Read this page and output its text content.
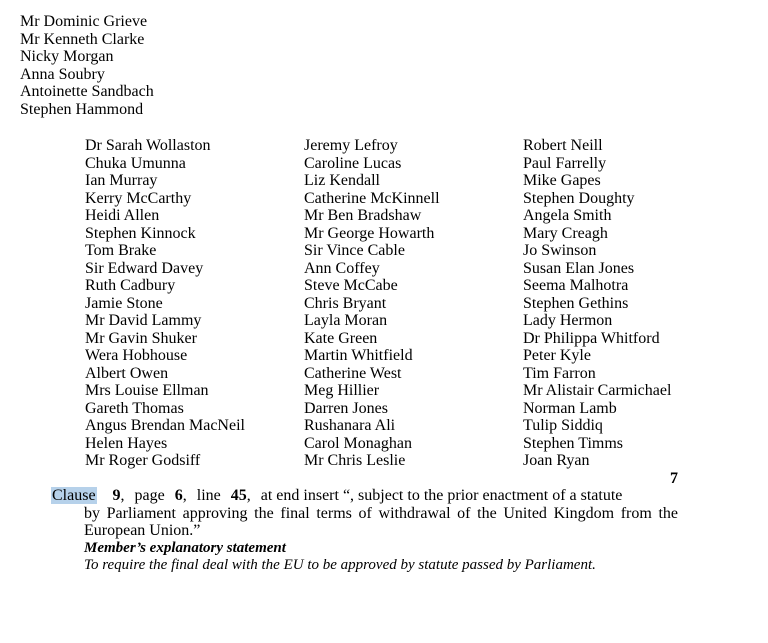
Mr Dominic Grieve
Mr Kenneth Clarke
Nicky Morgan
Anna Soubry
Antoinette Sandbach
Stephen Hammond
Dr Sarah Wollaston
Chuka Umunna
Ian Murray
Kerry McCarthy
Heidi Allen
Stephen Kinnock
Tom Brake
Sir Edward Davey
Ruth Cadbury
Jamie Stone
Mr David Lammy
Mr Gavin Shuker
Wera Hobhouse
Albert Owen
Mrs Louise Ellman
Gareth Thomas
Angus Brendan MacNeil
Helen Hayes
Mr Roger Godsiff
Jeremy Lefroy
Caroline Lucas
Liz Kendall
Catherine McKinnell
Mr Ben Bradshaw
Mr George Howarth
Sir Vince Cable
Ann Coffey
Steve McCabe
Chris Bryant
Layla Moran
Kate Green
Martin Whitfield
Catherine West
Meg Hillier
Darren Jones
Rushanara Ali
Carol Monaghan
Mr Chris Leslie
Robert Neill
Paul Farrelly
Mike Gapes
Stephen Doughty
Angela Smith
Mary Creagh
Jo Swinson
Susan Elan Jones
Seema Malhotra
Stephen Gethins
Lady Hermon
Dr Philippa Whitford
Peter Kyle
Tim Farron
Mr Alistair Carmichael
Norman Lamb
Tulip Siddiq
Stephen Timms
Joan Ryan
7
Clause 9, page 6, line 45, at end insert “, subject to the prior enactment of a statute
by Parliament approving the final terms of withdrawal of the United Kingdom from the European Union.”
Member’s explanatory statement
To require the final deal with the EU to be approved by statute passed by Parliament.
